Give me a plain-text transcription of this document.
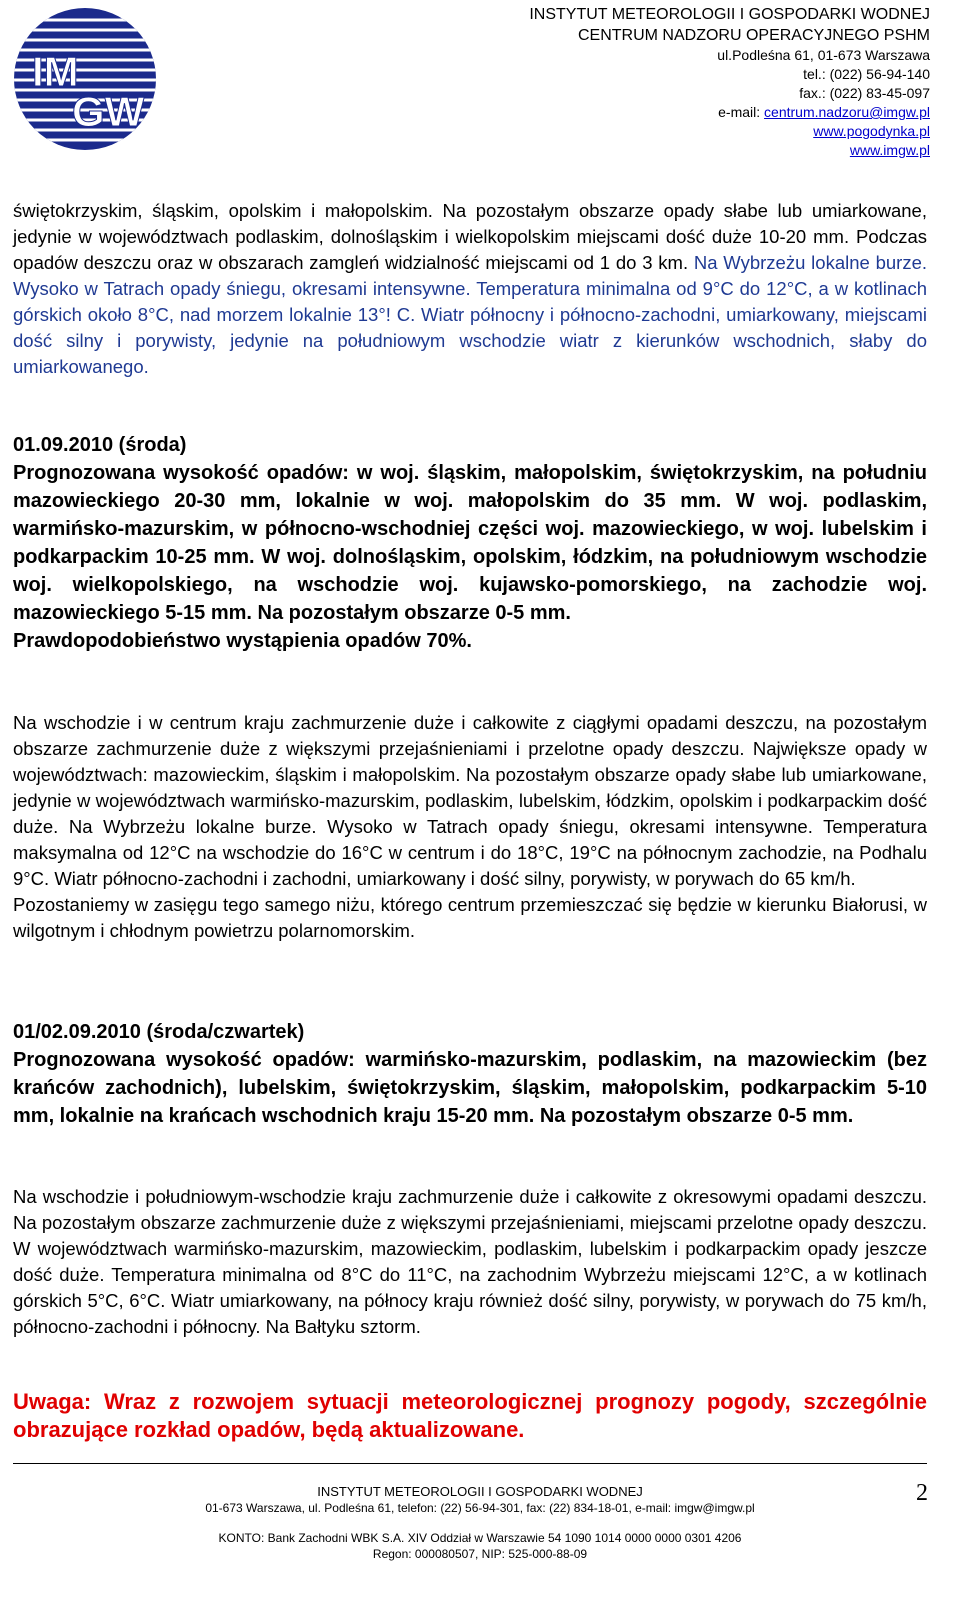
IM
GW
INSTYTUT METEOROLOGII I GOSPODARKI WODNEJ
CENTRUM NADZORU OPERACYJNEGO PSHM
ul.Podleśna 61, 01-673 Warszawa
tel.: (022) 56-94-140
fax.: (022) 83-45-097
e-mail: centrum.nadzoru@imgw.pl
www.pogodynka.pl
www.imgw.pl

świętokrzyskim, śląskim, opolskim i małopolskim. Na pozostałym obszarze opady słabe lub umiarkowane, jedynie w województwach podlaskim, dolnośląskim i wielkopolskim miejscami dość duże 10-20 mm. Podczas opadów deszczu oraz w obszarach zamgleń widzialność miejscami od 1 do 3 km. Na Wybrzeżu lokalne burze. Wysoko w Tatrach opady śniegu, okresami intensywne. Temperatura minimalna od 9°C do 12°C, a w kotlinach górskich około 8°C, nad morzem lokalnie 13°! C. Wiatr północny i północno-zachodni, umiarkowany, miejscami dość silny i porywisty, jedynie na południowym wschodzie wiatr z kierunków wschodnich, słaby do umiarkowanego.

01.09.2010 (środa)

Prognozowana wysokość opadów: w woj. śląskim, małopolskim, świętokrzyskim, na południu mazowieckiego 20-30 mm, lokalnie w woj. małopolskim do 35 mm. W woj. podlaskim, warmińsko-mazurskim, w północno-wschodniej części woj. mazowieckiego, w woj. lubelskim i podkarpackim 10-25 mm. W woj. dolnośląskim, opolskim, łódzkim, na południowym wschodzie woj. wielkopolskiego, na wschodzie woj. kujawsko-pomorskiego, na zachodzie woj. mazowieckiego 5-15 mm. Na pozostałym obszarze 0-5 mm.

Prawdopodobieństwo wystąpienia opadów 70%.

Na wschodzie i w centrum kraju zachmurzenie duże i całkowite z ciągłymi opadami deszczu, na pozostałym obszarze zachmurzenie duże z większymi przejaśnieniami i przelotne opady deszczu. Największe opady w województwach: mazowieckim, śląskim i małopolskim. Na pozostałym obszarze opady słabe lub umiarkowane, jedynie w województwach warmińsko-mazurskim, podlaskim, lubelskim, łódzkim, opolskim i podkarpackim dość duże. Na Wybrzeżu lokalne burze. Wysoko w Tatrach opady śniegu, okresami intensywne. Temperatura maksymalna od 12°C na wschodzie do 16°C w centrum i do 18°C, 19°C na północnym zachodzie, na Podhalu 9°C. Wiatr północno-zachodni i zachodni, umiarkowany i dość silny, porywisty, w porywach do 65 km/h.

Pozostaniemy w zasięgu tego samego niżu, którego centrum przemieszczać się będzie w kierunku Białorusi, w wilgotnym i chłodnym powietrzu polarnomorskim.

01/02.09.2010 (środa/czwartek)

Prognozowana wysokość opadów: warmińsko-mazurskim, podlaskim, na mazowieckim (bez krańców zachodnich), lubelskim, świętokrzyskim, śląskim, małopolskim, podkarpackim 5-10 mm, lokalnie na krańcach wschodnich kraju 15-20 mm. Na pozostałym obszarze 0-5 mm.

Na wschodzie i południowym-wschodzie kraju zachmurzenie duże i całkowite z okresowymi opadami deszczu. Na pozostałym obszarze zachmurzenie duże z większymi przejaśnieniami, miejscami przelotne opady deszczu. W województwach warmińsko-mazurskim, mazowieckim, podlaskim, lubelskim i podkarpackim opady jeszcze dość duże. Temperatura minimalna od 8°C do 11°C, na zachodnim Wybrzeżu miejscami 12°C, a w kotlinach górskich 5°C, 6°C. Wiatr umiarkowany, na północy kraju również dość silny, porywisty, w porywach do 75 km/h, północno-zachodni i północny. Na Bałtyku sztorm.

Uwaga: Wraz z rozwojem sytuacji meteorologicznej prognozy pogody, szczególnie obrazujące rozkład opadów, będą aktualizowane.

INSTYTUT METEOROLOGII I GOSPODARKI WODNEJ
01-673 Warszawa, ul. Podleśna 61, telefon: (22) 56-94-301, fax: (22) 834-18-01, e-mail: imgw@imgw.pl
KONTO: Bank Zachodni WBK S.A. XIV Oddział w Warszawie 54 1090 1014 0000 0000 0301 4206
Regon: 000080507, NIP: 525-000-88-09
2
